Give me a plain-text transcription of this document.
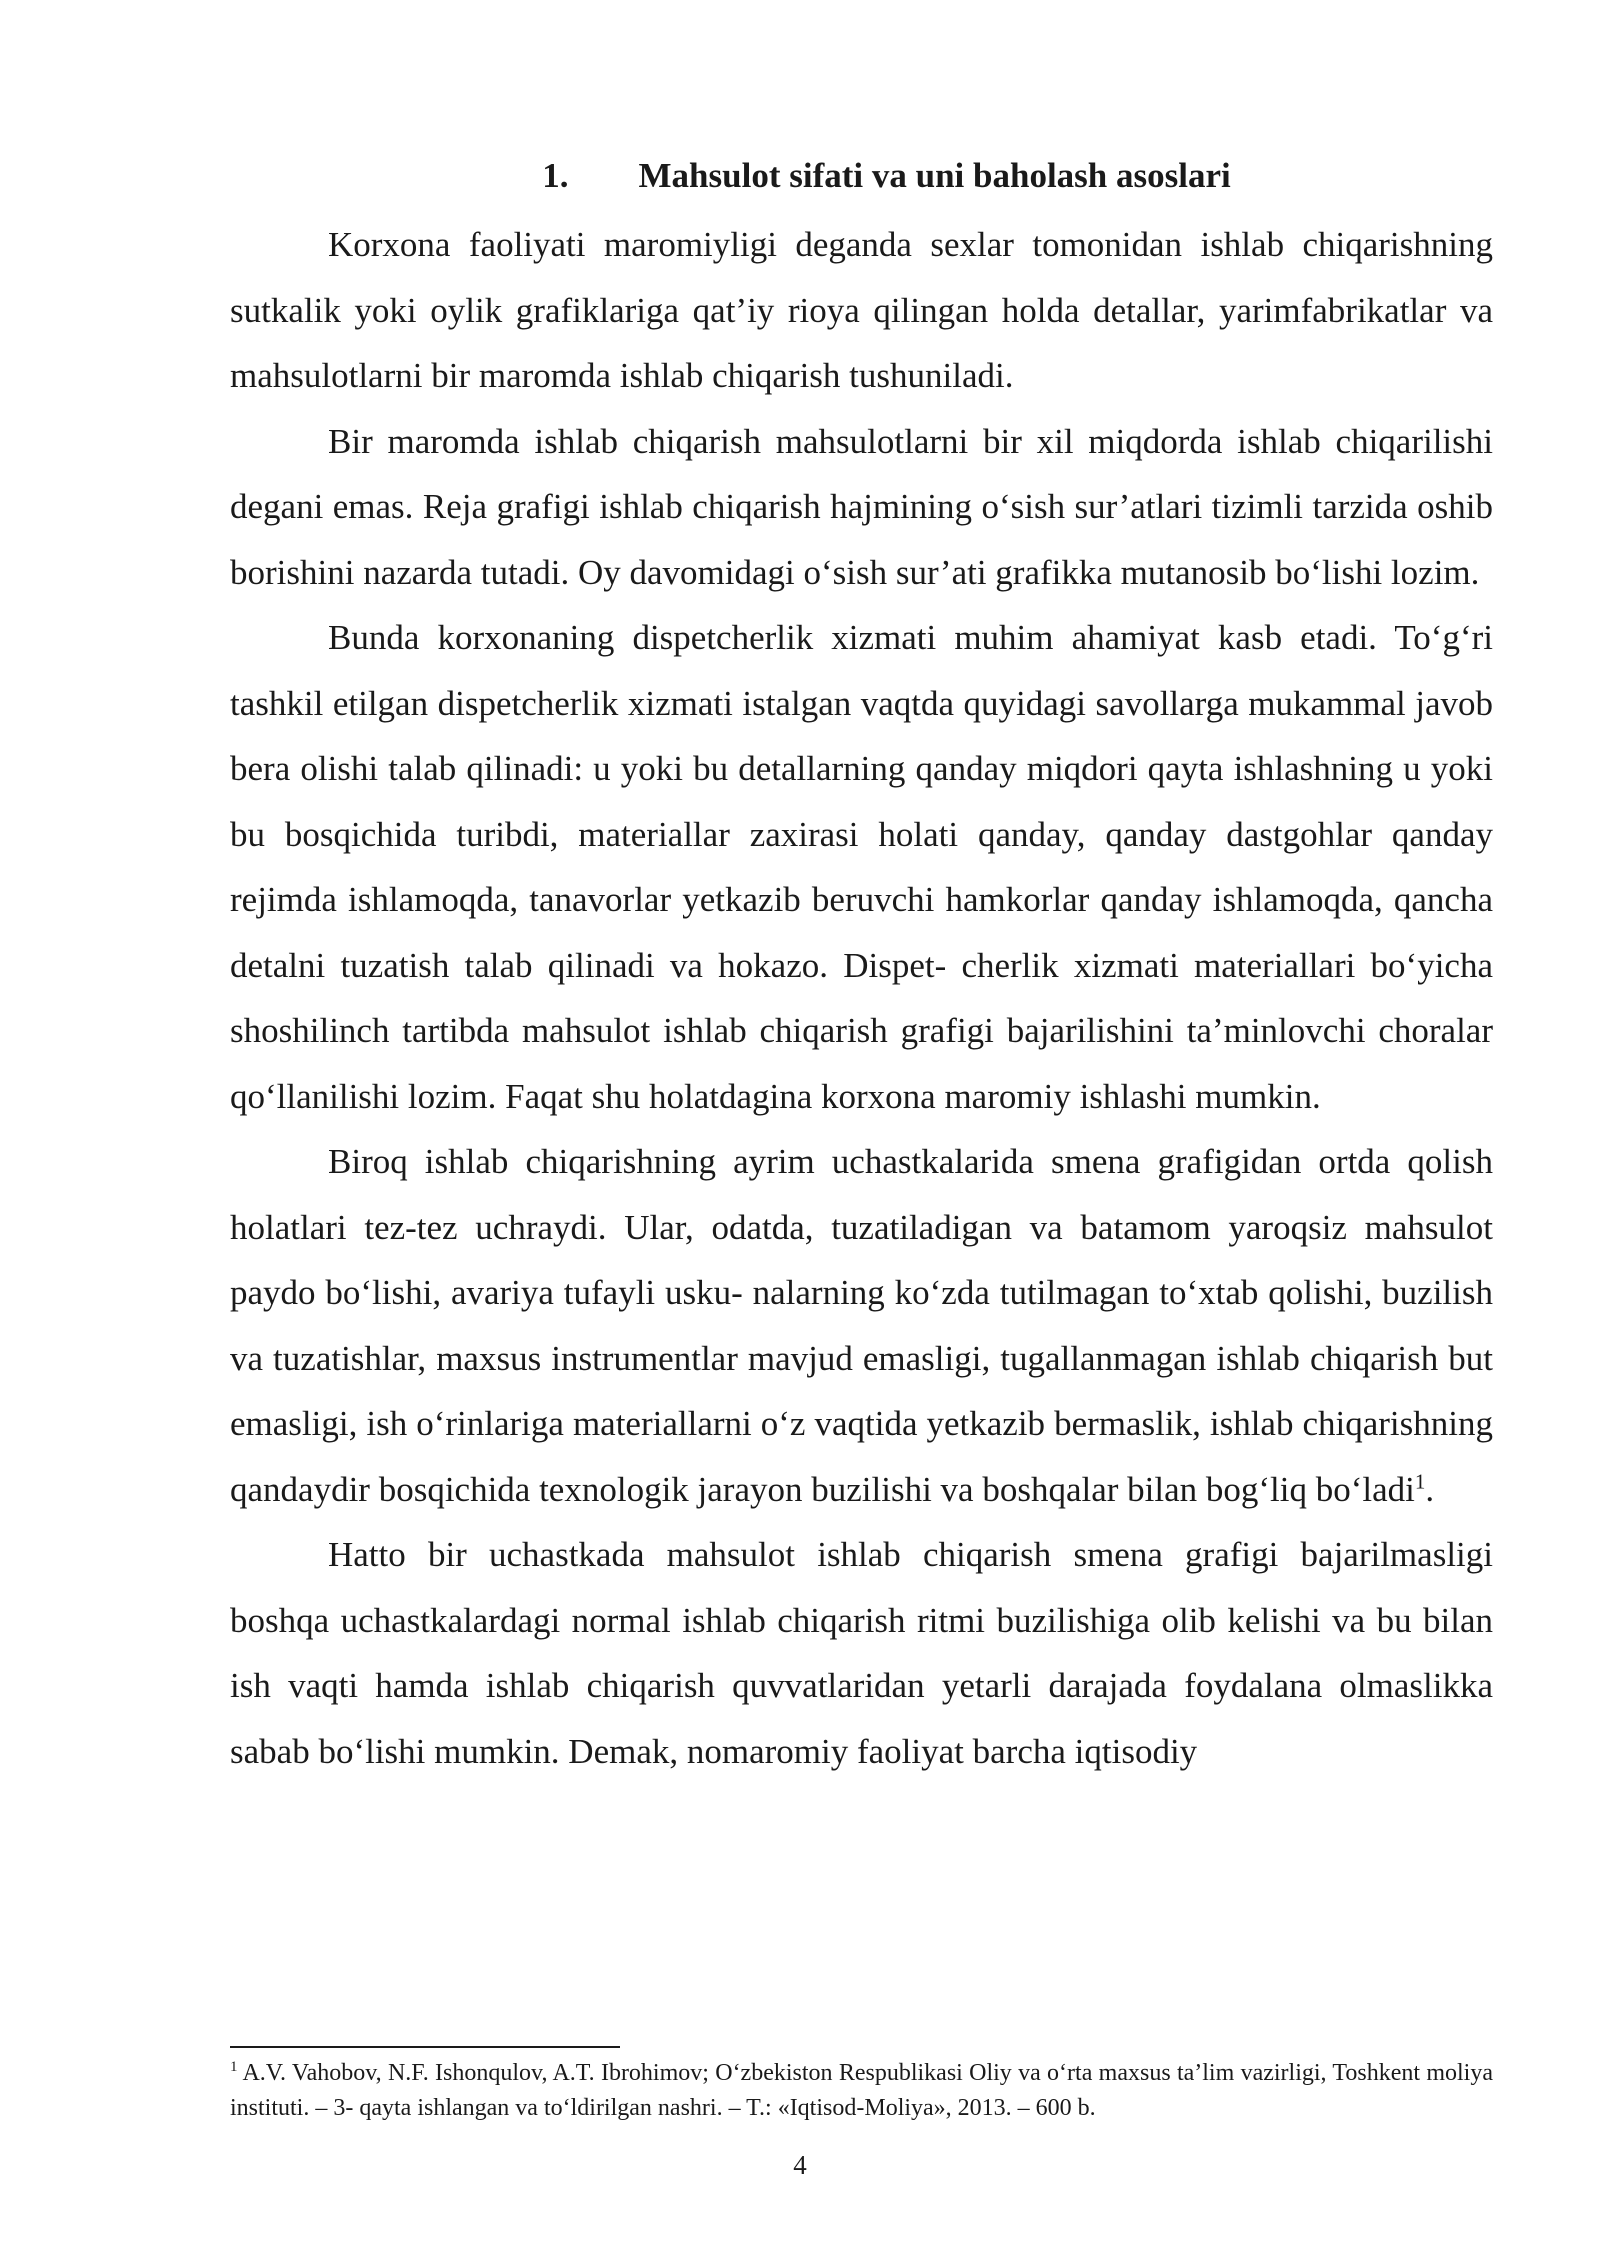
1. Mahsulot sifati va uni baholash asoslari

Korxona faoliyati maromiyligi deganda sexlar tomonidan ishlab chiqarishning sutkalik yoki oylik grafiklariga qat’iy rioya qilingan holda detallar, yarimfabrikatlar va mahsulotlarni bir maromda ishlab chiqarish tushuniladi.

Bir maromda ishlab chiqarish mahsulotlarni bir xil miqdorda ishlab chiqarilishi degani emas. Reja grafigi ishlab chiqarish hajmining o‘sish sur’atlari tizimli tarzida oshib borishini nazarda tutadi. Oy davomidagi o‘sish sur’ati grafikka mutanosib bo‘lishi lozim.

Bunda korxonaning dispetcherlik xizmati muhim ahamiyat kasb etadi. To‘g‘ri tashkil etilgan dispetcherlik xizmati istalgan vaqtda quyidagi savollarga mukammal javob bera olishi talab qilinadi: u yoki bu detallarning qanday miqdori qayta ishlashning u yoki bu bosqichida turibdi, materiallar zaxirasi holati qanday, qanday dastgohlar qanday rejimda ishlamoqda, tanavorlar yetkazib beruvchi hamkorlar qanday ishlamoqda, qancha detalni tuzatish talab qilinadi va hokazo. Dispet- cherlik xizmati materiallari bo‘yicha shoshilinch tartibda mahsulot ishlab chiqarish grafigi bajarilishini ta’minlovchi choralar qo‘llanilishi lozim. Faqat shu holatdagina korxona maromiy ishlashi mumkin.

Biroq ishlab chiqarishning ayrim uchastkalarida smena grafigidan ortda qolish holatlari tez-tez uchraydi. Ular, odatda, tuzatiladigan va batamom yaroqsiz mahsulot paydo bo‘lishi, avariya tufayli usku- nalarning ko‘zda tutilmagan to‘xtab qolishi, buzilish va tuzatishlar, maxsus instrumentlar mavjud emasligi, tugallanmagan ishlab chiqarish but emasligi, ish o‘rinlariga materiallarni o‘z vaqtida yetkazib bermaslik, ishlab chiqarishning qandaydir bosqichida texnologik jarayon buzilishi va boshqalar bilan bog‘liq bo‘ladi$^1$.

Hatto bir uchastkada mahsulot ishlab chiqarish smena grafigi bajarilmasligi boshqa uchastkalardagi normal ishlab chiqarish ritmi buzilishiga olib kelishi va bu bilan ish vaqti hamda ishlab chiqarish quvvatlaridan yetarli darajada foydalana olmaslikka sabab bo‘lishi mumkin. Demak, nomaromiy faoliyat barcha iqtisodiy

$^1$ A.V. Vahobov, N.F. Ishonqulov, A.T. Ibrohimov; O‘zbekiston Respublikasi Oliy va o‘rta maxsus ta’lim vazirligi, Toshkent moliya instituti. – 3- qayta ishlangan va to‘ldirilgan nashri. – T.: «Iqtisod-Moliya», 2013. – 600 b.

4
